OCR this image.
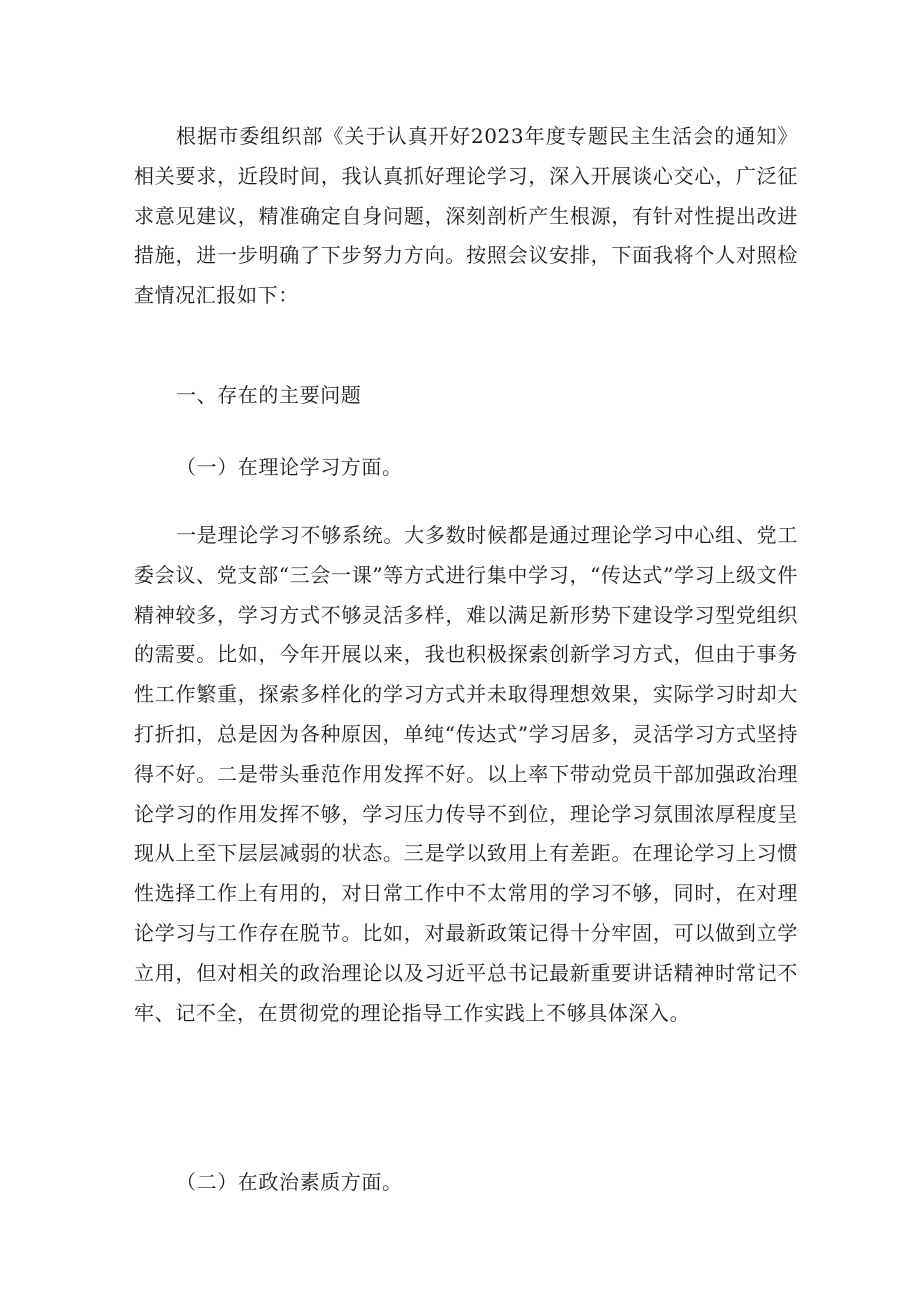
根据市委组织部《关于认真开好2023年度专题民主生活会的通知》相关要求，近段时间，我认真抓好理论学习，深入开展谈心交心，广泛征求意见建议，精准确定自身问题，深刻剖析产生根源，有针对性提出改进措施，进一步明确了下步努力方向。按照会议安排，下面我将个人对照检查情况汇报如下：

一、存在的主要问题

（一）在理论学习方面。

一是理论学习不够系统。大多数时候都是通过理论学习中心组、党工委会议、党支部“三会一课”等方式进行集中学习，“传达式”学习上级文件精神较多，学习方式不够灵活多样，难以满足新形势下建设学习型党组织的需要。比如，今年开展以来，我也积极探索创新学习方式，但由于事务性工作繁重，探索多样化的学习方式并未取得理想效果，实际学习时却大打折扣，总是因为各种原因，单纯“传达式”学习居多，灵活学习方式坚持得不好。二是带头垂范作用发挥不好。以上率下带动党员干部加强政治理论学习的作用发挥不够，学习压力传导不到位，理论学习氛围浓厚程度呈现从上至下层层减弱的状态。三是学以致用上有差距。在理论学习上习惯性选择工作上有用的，对日常工作中不太常用的学习不够，同时，在对理论学习与工作存在脱节。比如，对最新政策记得十分牢固，可以做到立学立用，但对相关的政治理论以及习近平总书记最新重要讲话精神时常记不牢、记不全，在贯彻党的理论指导工作实践上不够具体深入。

（二）在政治素质方面。
